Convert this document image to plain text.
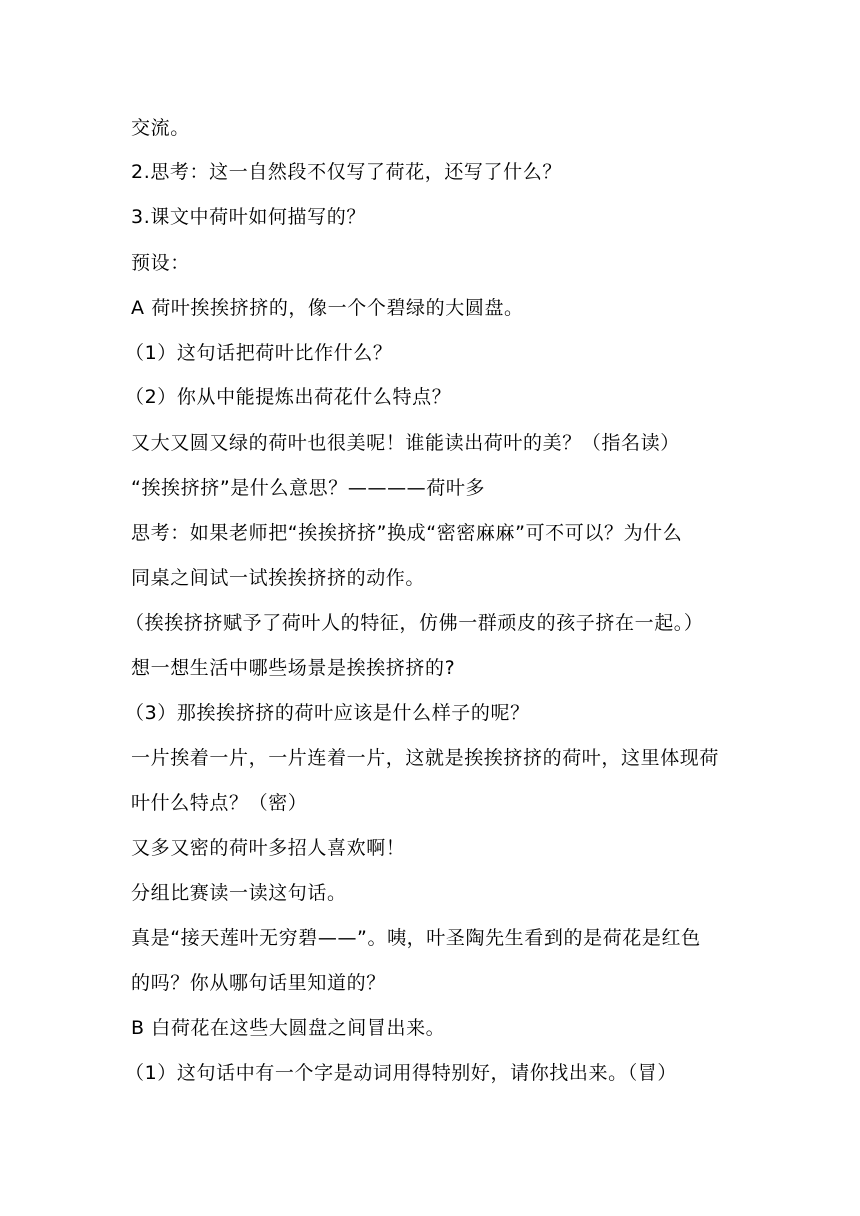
交流。
2.思考：这一自然段不仅写了荷花，还写了什么？
3.课文中荷叶如何描写的？
预设：
A 荷叶挨挨挤挤的，像一个个碧绿的大圆盘。
（1）这句话把荷叶比作什么？
（2）你从中能提炼出荷花什么特点？
又大又圆又绿的荷叶也很美呢！谁能读出荷叶的美？（指名读）
“挨挨挤挤”是什么意思？————荷叶多
思考：如果老师把“挨挨挤挤”换成“密密麻麻”可不可以？为什么
同桌之间试一试挨挨挤挤的动作。
（挨挨挤挤赋予了荷叶人的特征，仿佛一群顽皮的孩子挤在一起。）
想一想生活中哪些场景是挨挨挤挤的?
（3）那挨挨挤挤的荷叶应该是什么样子的呢？
一片挨着一片，一片连着一片，这就是挨挨挤挤的荷叶，这里体现荷
叶什么特点？（密）
又多又密的荷叶多招人喜欢啊！
分组比赛读一读这句话。
真是“接天莲叶无穷碧——”。咦，叶圣陶先生看到的是荷花是红色
的吗？你从哪句话里知道的？
B 白荷花在这些大圆盘之间冒出来。
（1）这句话中有一个字是动词用得特别好，请你找出来。（冒）
